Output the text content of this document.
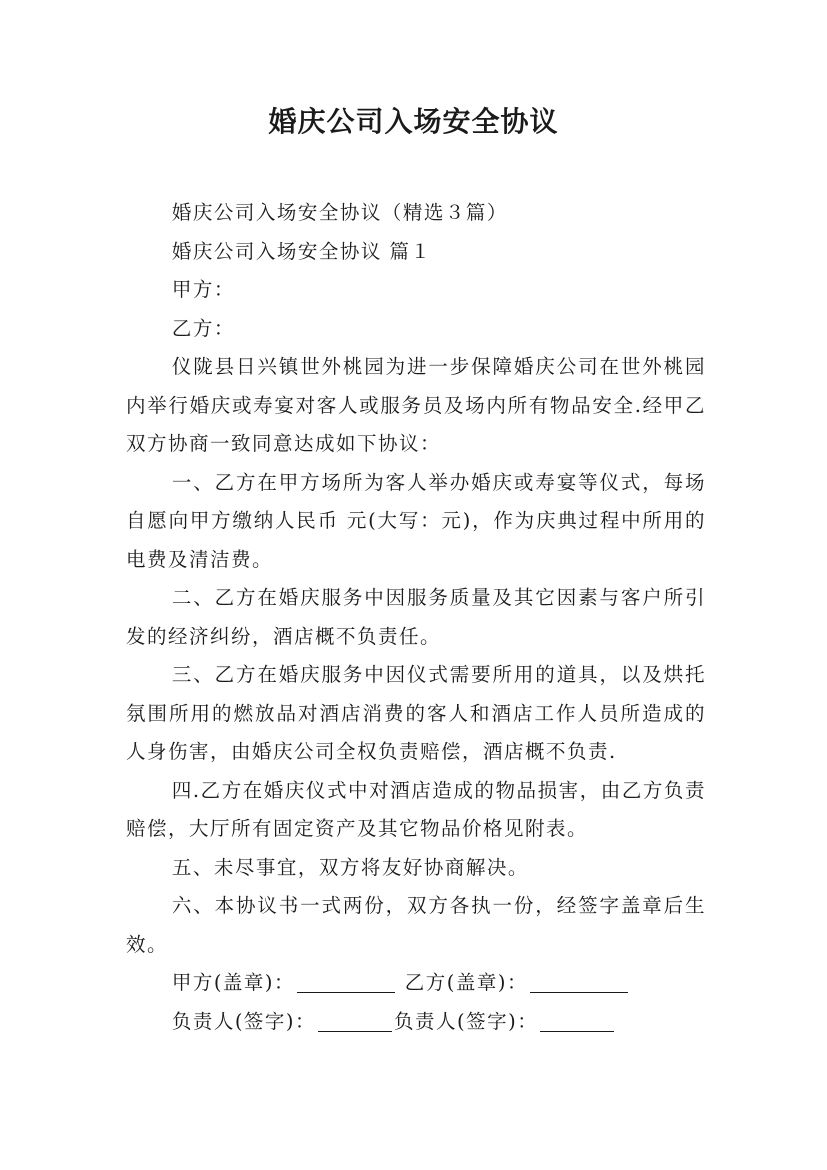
婚庆公司入场安全协议

婚庆公司入场安全协议（精选３篇）

婚庆公司入场安全协议 篇１

甲方：

乙方：

仪陇县日兴镇世外桃园为进一步保障婚庆公司在世外桃园内举行婚庆或寿宴对客人或服务员及场内所有物品安全.经甲乙双方协商一致同意达成如下协议：

一、乙方在甲方场所为客人举办婚庆或寿宴等仪式，每场自愿向甲方缴纳人民币 元(大写：元)，作为庆典过程中所用的电费及清洁费。

二、乙方在婚庆服务中因服务质量及其它因素与客户所引发的经济纠纷，酒店概不负责任。

三、乙方在婚庆服务中因仪式需要所用的道具，以及烘托氛围所用的燃放品对酒店消费的客人和酒店工作人员所造成的人身伤害，由婚庆公司全权负责赔偿，酒店概不负责.

四.乙方在婚庆仪式中对酒店造成的物品损害，由乙方负责赔偿，大厅所有固定资产及其它物品价格见附表。

五、未尽事宜，双方将友好协商解决。

六、本协议书一式两份，双方各执一份，经签字盖章后生效。

甲方(盖章)：	乙方(盖章)：

负责人(签字)：	负责人(签字)：
